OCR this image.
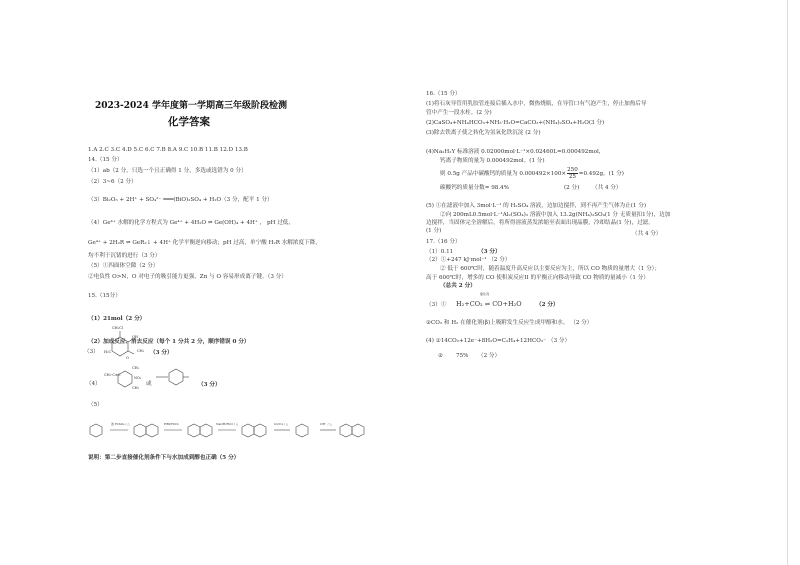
2023-2024 学年度第一学期高三年级阶段检测
化学答案
1.A 2.C 3.C 4.D 5.C 6.C 7.B 8.A 9.C 10.B 11.B 12.D 13.B
14.（15 分）
（1）ab（2 分，只选一个且正确得 1 分，多选或选错为 0 分）
（2）3~6（2 分）
（3）Bi₂O₃ + 2H⁺ + SO₄²⁻ ═══(BiO)₂SO₄ + H₂O（3 分，配平 1 分）
（4）Ge⁴⁺ 水解的化学方程式为 Ge⁴⁺ + 4H₂O ⇌ Ge(OH)₄ + 4H⁺ ， pH 过低，
Ge⁴⁺ + 2H₂R ⇌ GeR₂↓ + 4H⁺ 化学平衡逆向移动；pH 过高，单宁酸 H₂R 水解浓度下降，
均不利于沉锗的进行（3 分）
（5）①四面体空隙（2 分）
②电负性 O>N，O 对电子的吸引能力更强，Zn 与 O 容易形成离子键。（3 分）
15.（15分）
（1）21mol（2 分）
（2）加成反应、消去反应（每个 1 分共 2 分，顺序错误 0 分）
（3）
CH₂Cl
OH
CH₃
H₃C
O
（3 分）
（4）
CH₃-C≡C
CH₃
NO₂
CH₃
或	（3 分）
（5）
浓 H₂SO₄ / △	HBr/H₂O₂	NaOH/H₂O / △	O₂/Cu / △	OH⁻ / △
说明：第二步直接催化剂条件下与水加成到醇也正确（5 分）
16.（15 分）
(1)将石灰导管用乳胶管连接后插入水中，微热烧瓶，在导管口有气泡产生，停止加热后导
管中产生一段水柱。(2 分)
(2)CaSO₄+NH₄HCO₃+NH₃·H₂O=CaCO₃+(NH₄)₂SO₄+H₂O(3 分)
(3)除去铁离子使之转化为氢氧化铁沉淀 (2 分)
(4)Na₂H₂Y 标准溶液 0.02000mol·L⁻¹×0.02460L=0.000492mol，
钙离子物质的量为 0.000492mol。(1 分)
则 0.5g 产品中碳酸钙的质量为 $0.000492\times 100\times \frac{250}{25} =0.492g$。(1 分)
碳酸钙的质量分数= 98.4%	(2 分) （共 4 分）
(5) ①在滤液中加入 3mol·L⁻¹ 的 H₂SO₄ 溶液，边加边搅拌，到不再产生气体为止(1 分)
②向 200mL0.5mol·L⁻¹Al₂(SO₄)₃ 溶液中加入 13.2g(NH₄)₂SO₄(1 分 无质量扣1分)，边加
边搅拌，当固体完全溶解后，将所得溶液蒸发浓缩至表面出现晶膜，冷却结晶(1 分)，过滤。
(1 分)	（共 4 分）
17.（16 分）
（1）0.11	（3 分）
（2）①+247 kJ·mol⁻¹ （2 分）
② 低于 600℃时，随着温度升高反应以主要反应为主，所以 CO 物质的量增大（1 分）；
高于 600℃时，增多的 CO 使积炭反应II 的平衡正向移动导致 CO 物质的量减小（1 分）
（总共 2 分）
（3）①
催化剂
H₂+CO₂ ⇌ CO+H₂O	（2 分）
②CO₂ 和 H₂ 在催化剂(β)上吸附发生反应生成甲醇和水。 （2 分）
(4) ①14CO₂+12e⁻+8H₂O=C₂H₄+12HCO₃⁻ （3 分）
② 75% （2 分）
